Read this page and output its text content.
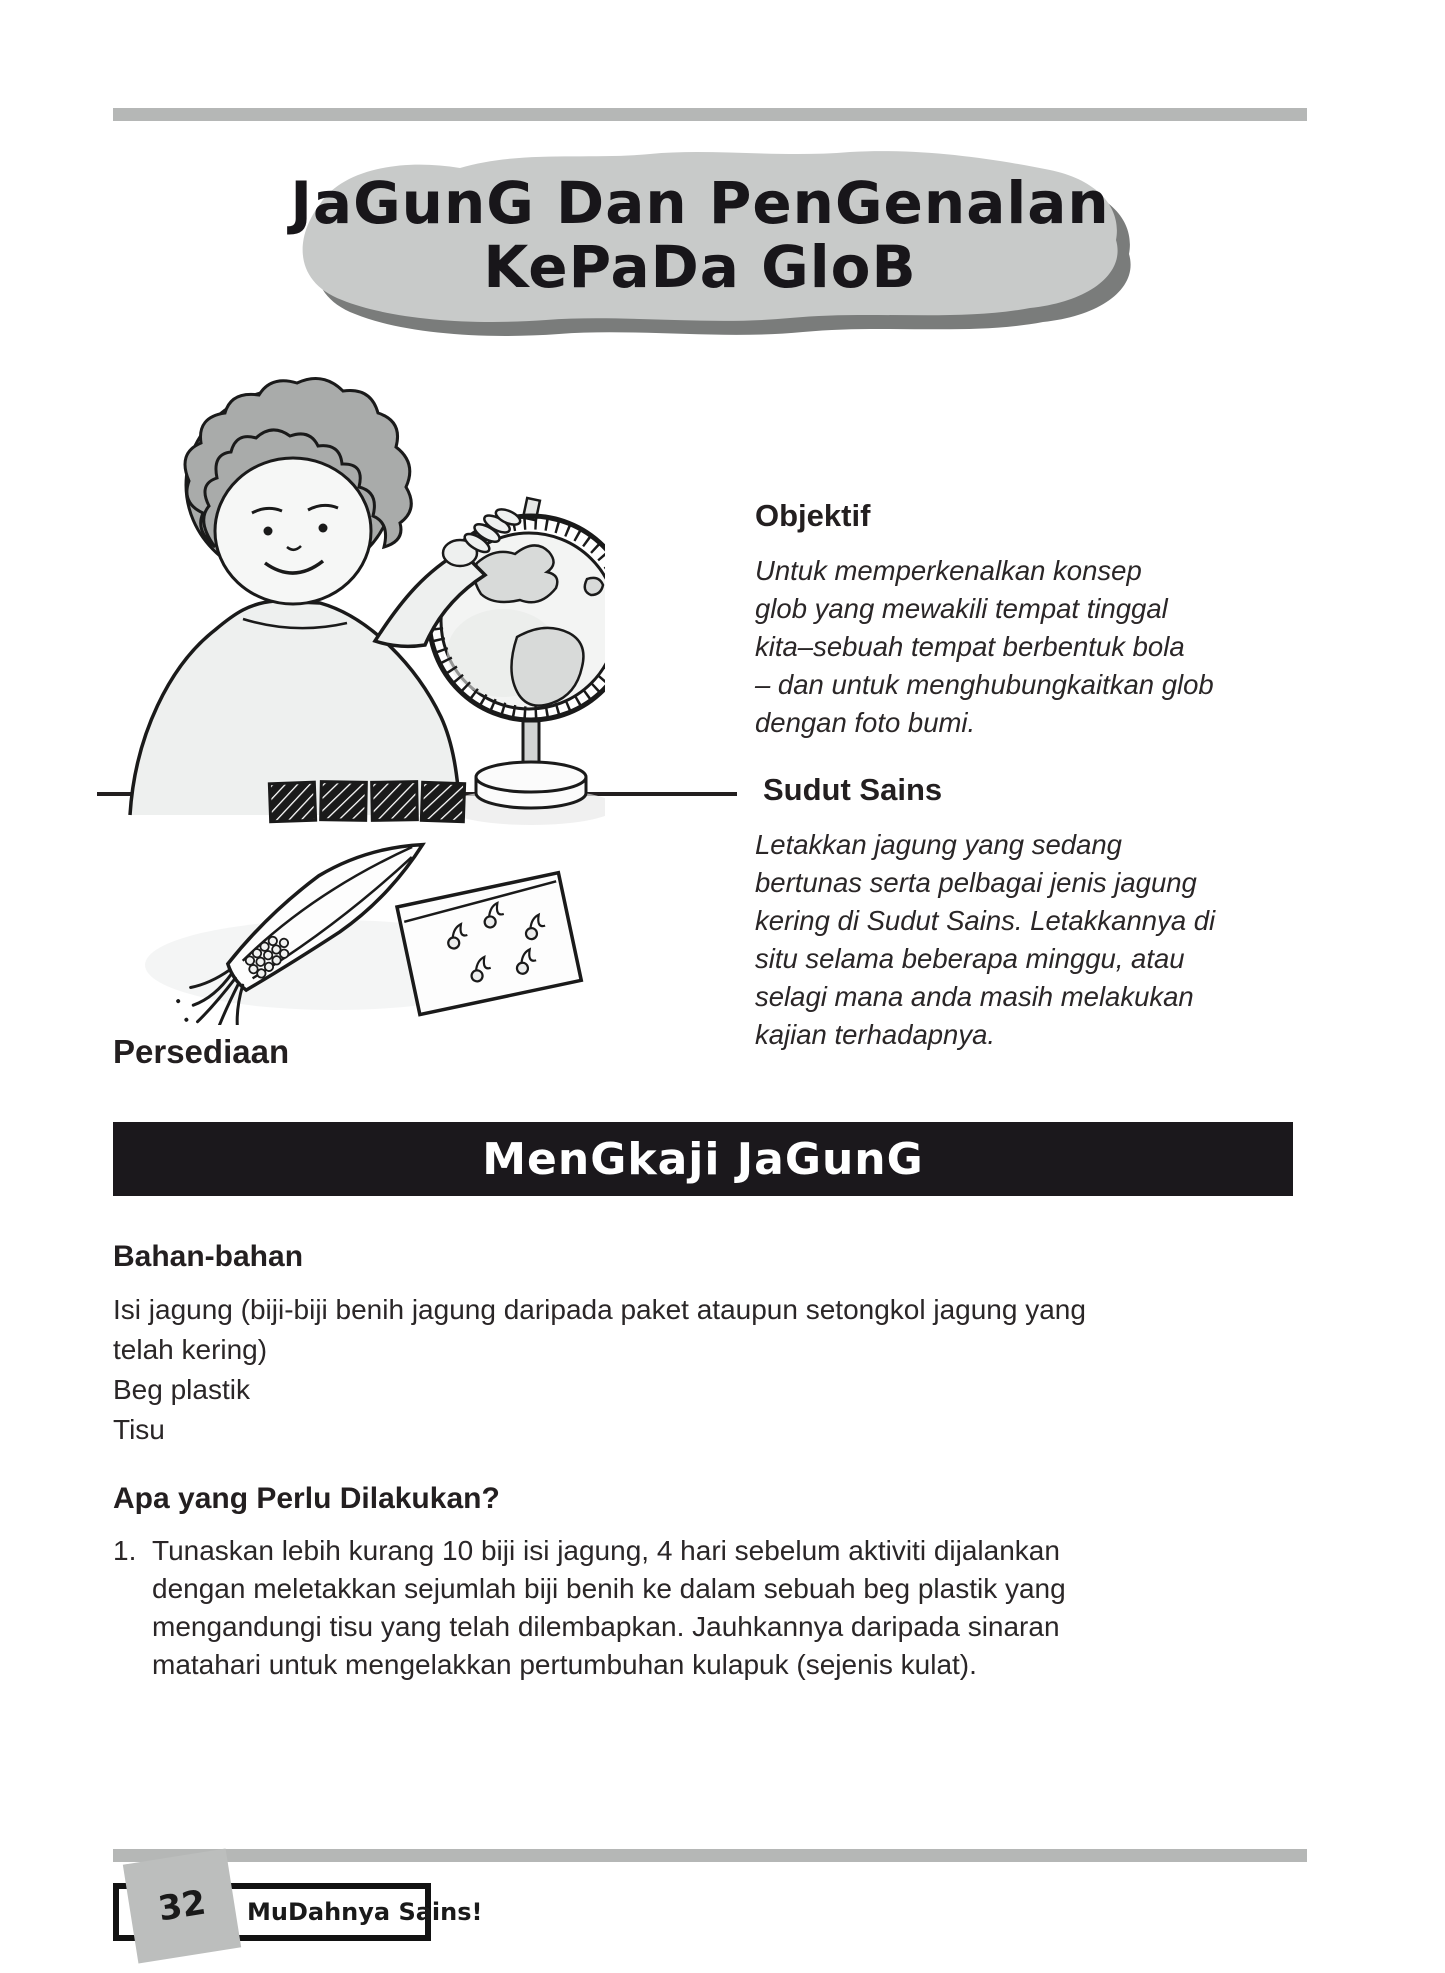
JaGunG Dan PenGenalan
KePaDa GloB
Objektif
Untuk memperkenalkan konsep
glob yang mewakili tempat tinggal
kita–sebuah tempat berbentuk bola
– dan untuk menghubungkaitkan glob
dengan foto bumi.
Sudut Sains
Letakkan jagung yang sedang
bertunas serta pelbagai jenis jagung
kering di Sudut Sains. Letakkannya di
situ selama beberapa minggu, atau
selagi mana anda masih melakukan
kajian terhadapnya.
Persediaan
MenGkaji JaGunG
Bahan-bahan
Isi jagung (biji-biji benih jagung daripada paket ataupun setongkol jagung yang
telah kering)
Beg plastik
Tisu
Apa yang Perlu Dilakukan?
1. Tunaskan lebih kurang 10 biji isi jagung, 4 hari sebelum aktiviti dijalankan
dengan meletakkan sejumlah biji benih ke dalam sebuah beg plastik yang
mengandungi tisu yang telah dilembapkan. Jauhkannya daripada sinaran
matahari untuk mengelakkan pertumbuhan kulapuk (sejenis kulat).
MuDahnya Sains!
32
